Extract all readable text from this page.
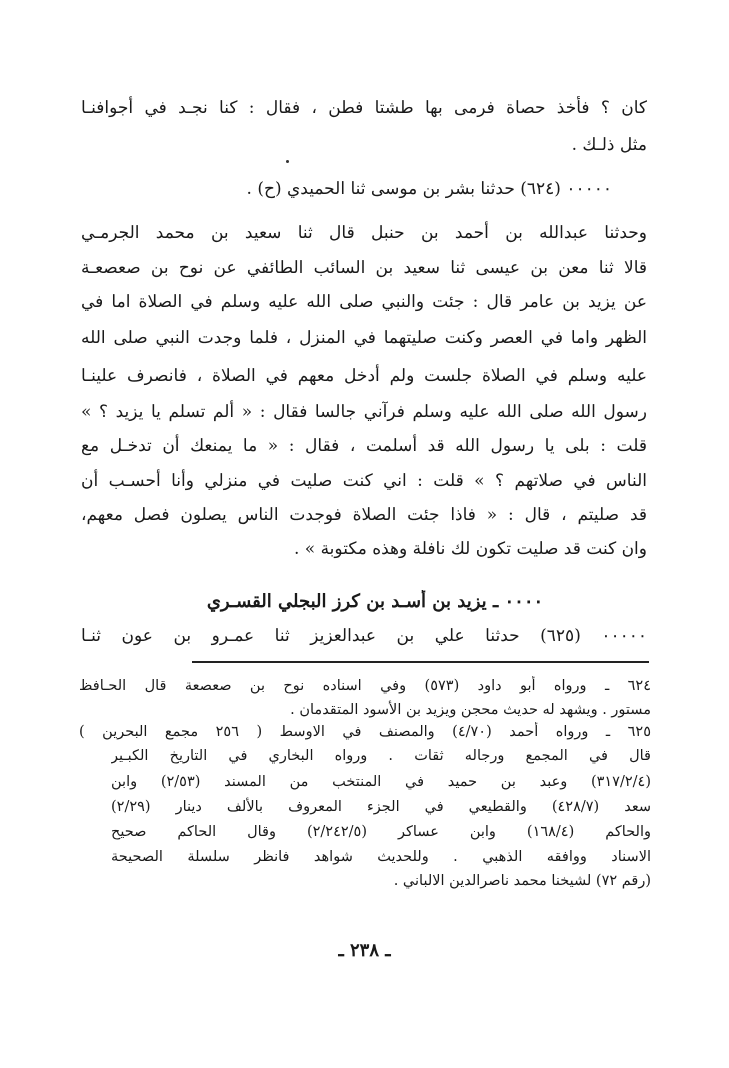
كان ؟ فأخذ حصاة فرمى بها طشتا فطن ، فقال : كنا نجـد في أجوافنـا
مثل ذلـك .
٠٠٠٠٠ (٦٢٤) حدثنا بشر بن موسى ثنا الحميدي (ح) .
وحدثنا عبدالله بن أحمد بن حنبل قال ثنا سعيد بن محمد الجرمـي
قالا ثنا معن بن عيسى ثنا سعيد بن السائب الطائفي عن نوح بن صعصعـة
عن يزيد بن عامر قال : جئت والنبي صلى الله عليه وسلم في الصلاة اما في
الظهر واما في العصر وكنت صليتهما في المنزل ، فلما وجدت النبي صلى الله
عليه وسلم في الصلاة جلست ولم أدخل معهم في الصلاة ، فانصرف علينـا
رسول الله صلى الله عليه وسلم فرآني جالسا فقال : « ألم تسلم يا يزيد ؟ »
قلت : بلى يا رسول الله قد أسلمت ، فقال : « ما يمنعك أن تدخـل مع
الناس في صلاتهم ؟ » قلت : اني كنت صليت في منزلي وأنا أحسـب أن
قد صليتم ، قال : « فاذا جئت الصلاة فوجدت الناس يصلون فصل معهم،
وان كنت قد صليت تكون لك نافلة وهذه مكتوبة » .
٠٠٠٠ ـ يزيد بن أسـد بن كرز البجلي القسـري
٠٠٠٠٠ (٦٢٥) حدثنا علي بن عبدالعزيز ثنا عمـرو بن عون ثنـا
٦٢٤ ـ ورواه أبو داود (٥٧٣) وفي اسناده نوح بن صعصعة قال الحـافظ
مستور . ويشهد له حديث محجن ويزيد بن الأسود المتقدمان .
٦٢٥ ـ ورواه أحمد (٤/٧٠) والمصنف في الاوسط ( ٢٥٦ مجمع البحرين )
قال في المجمع ورجاله ثقات . ورواه البخاري في التاريخ الكبـير
(٣١٧/٢/٤) وعبد بن حميد في المنتخب من المسند (٢/٥٣) وابن
سعد (٤٢٨/٧) والقطيعي في الجزء المعروف بالألف دينار (٢/٢٩)
والحاكم (١٦٨/٤) وابن عساكر (٢/٢٤٢/٥) وقال الحاكم صحيح
الاسناد ووافقه الذهبي . وللحديث شواهد فانظر سلسلة الصحيحة
(رقم ٧٢) لشيخنا محمد ناصرالدين الالباني .
ـ ٢٣٨ ـ
